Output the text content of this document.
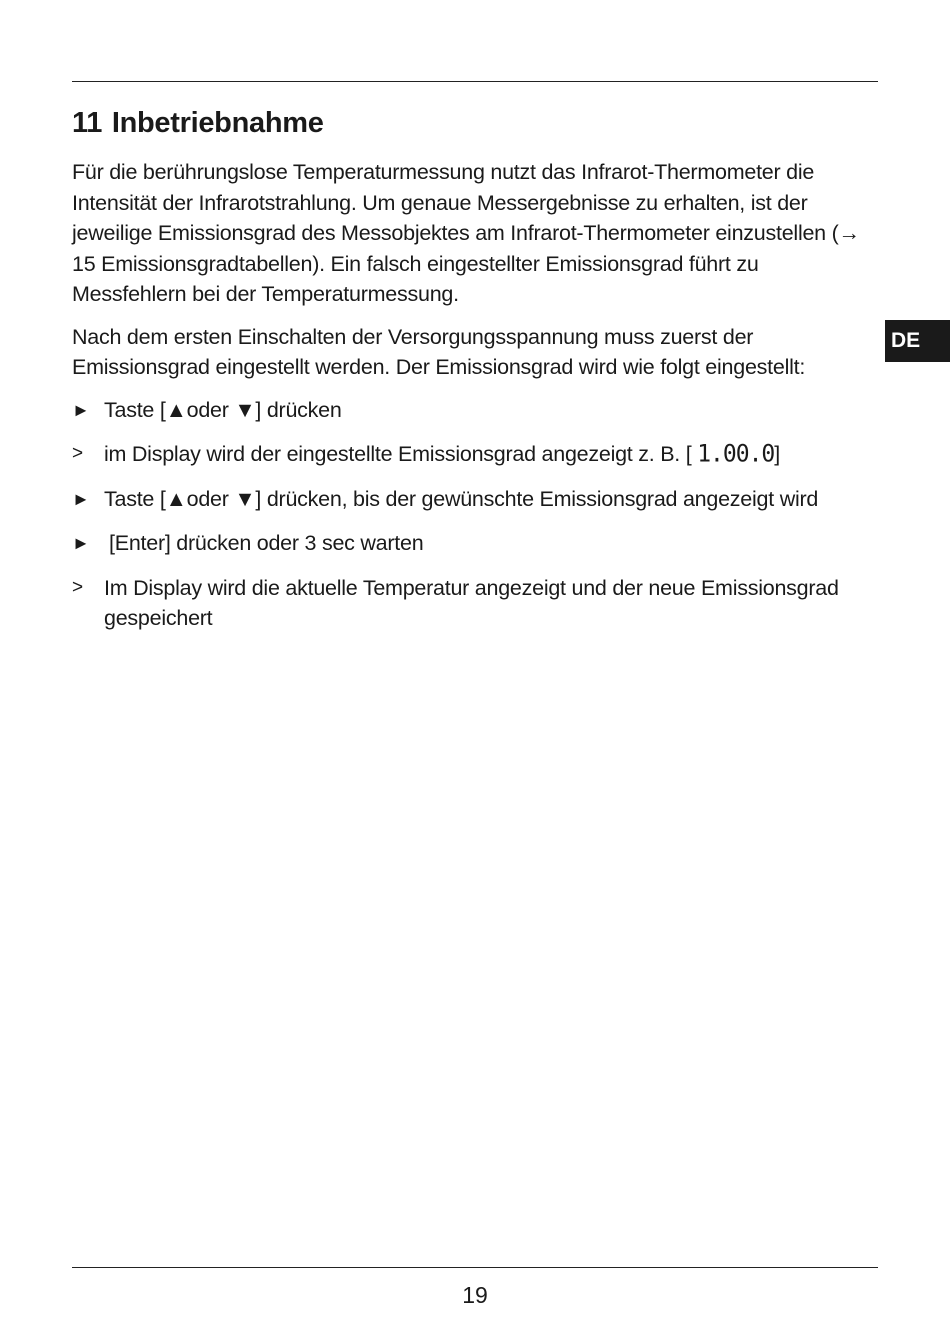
11 Inbetriebnahme

Für die berührungslose Temperaturmessung nutzt das Infrarot-Thermometer die Intensität der Infrarotstrahlung. Um genaue Messergebnisse zu erhalten, ist der jeweilige Emissionsgrad des Messobjektes am Infrarot-Thermometer einzustellen (→ 15 Emissionsgradtabellen). Ein falsch eingestellter Emissionsgrad führt zu Messfehlern bei der Temperaturmessung.

Nach dem ersten Einschalten der Versorgungsspannung muss zuerst der Emissionsgrad eingestellt werden. Der Emissionsgrad wird wie folgt eingestellt:

► Taste [▲oder ▼] drücken
> im Display wird der eingestellte Emissionsgrad angezeigt z. B. [ 1.00.0]
► Taste [▲oder ▼] drücken, bis der gewünschte Emissionsgrad angezeigt wird
► [Enter] drücken oder 3 sec warten
> Im Display wird die aktuelle Temperatur angezeigt und der neue Emissionsgrad gespeichert
DE
19
